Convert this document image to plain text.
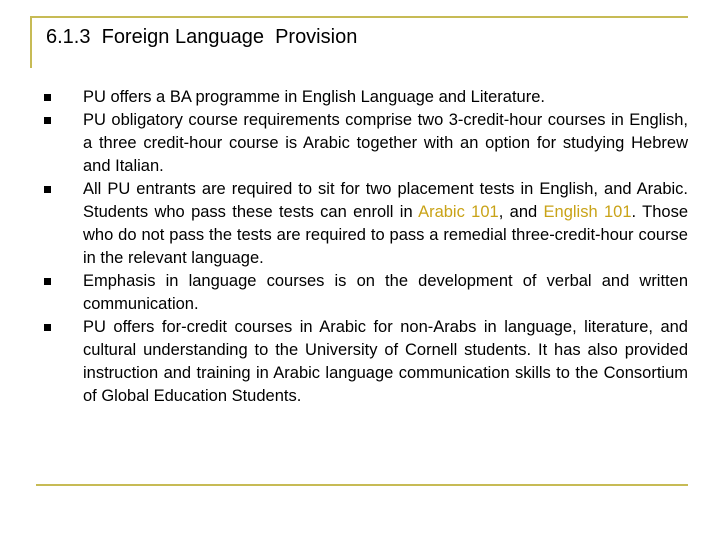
6.1.3  Foreign Language  Provision
PU offers a BA programme in English Language and Literature.
PU obligatory course requirements comprise two 3-credit-hour courses in English, a three credit-hour course is Arabic together with an option for studying Hebrew and Italian.
All PU entrants are required to sit for two placement tests in English, and Arabic. Students who pass these tests can enroll in Arabic 101, and English 101. Those who do not pass the tests are required to pass a remedial three-credit-hour course in the relevant language.
Emphasis in language courses is on the development of verbal and written communication.
PU offers for-credit courses in Arabic for non-Arabs in language, literature, and cultural understanding to the University of Cornell students. It has also provided instruction and training in Arabic language communication skills to the Consortium of Global Education Students.
